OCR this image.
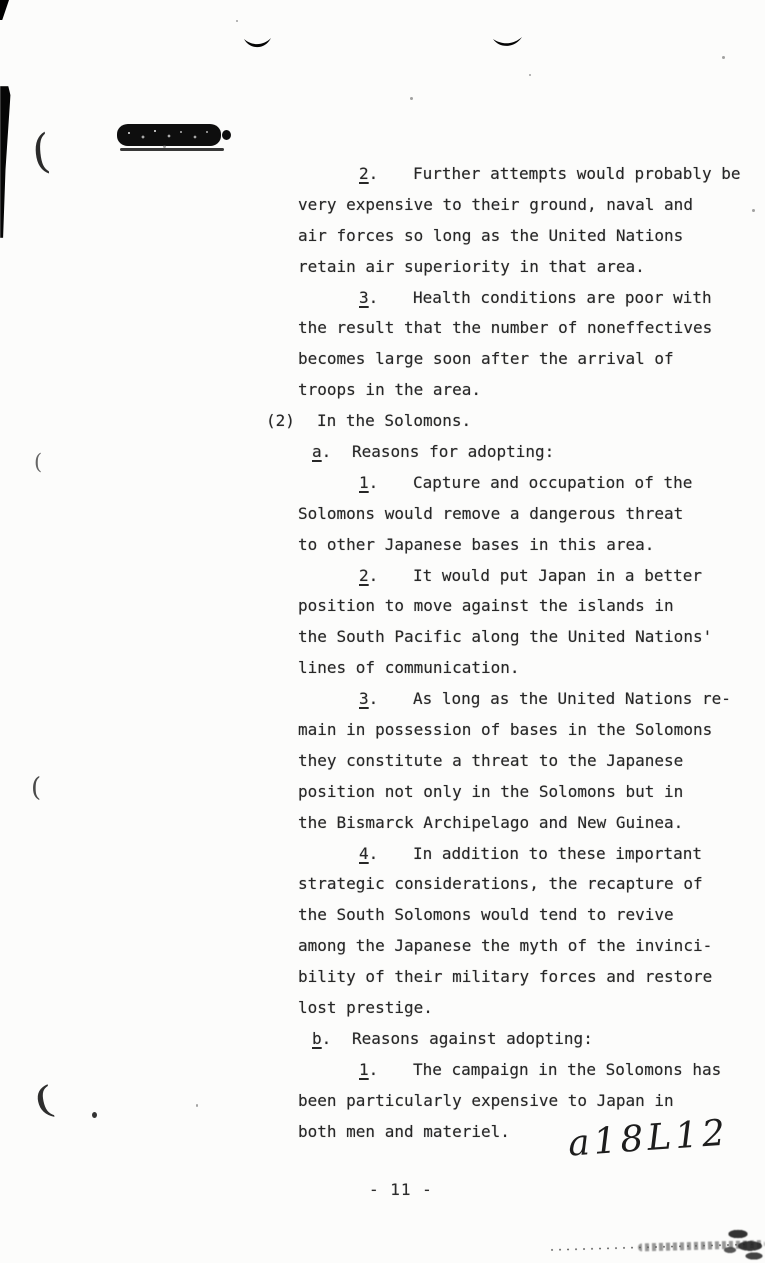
(
(
(
(
2. Further attempts would probably be
very expensive to their ground, naval and
air forces so long as the United Nations
retain air superiority in that area.
3. Health conditions are poor with
the result that the number of noneffectives
becomes large soon after the arrival of
troops in the area.
(2) In the Solomons.
a. Reasons for adopting:
1. Capture and occupation of the
Solomons would remove a dangerous threat
to other Japanese bases in this area.
2. It would put Japan in a better
position to move against the islands in
the South Pacific along the United Nations'
lines of communication.
3. As long as the United Nations re-
main in possession of bases in the Solomons
they constitute a threat to the Japanese
position not only in the Solomons but in
the Bismarck Archipelago and New Guinea.
4. In addition to these important
strategic considerations, the recapture of
the South Solomons would tend to revive
among the Japanese the myth of the invinci-
bility of their military forces and restore
lost prestige.
b. Reasons against adopting:
1. The campaign in the Solomons has
been particularly expensive to Japan in
both men and materiel. a18L12
- 11 -
